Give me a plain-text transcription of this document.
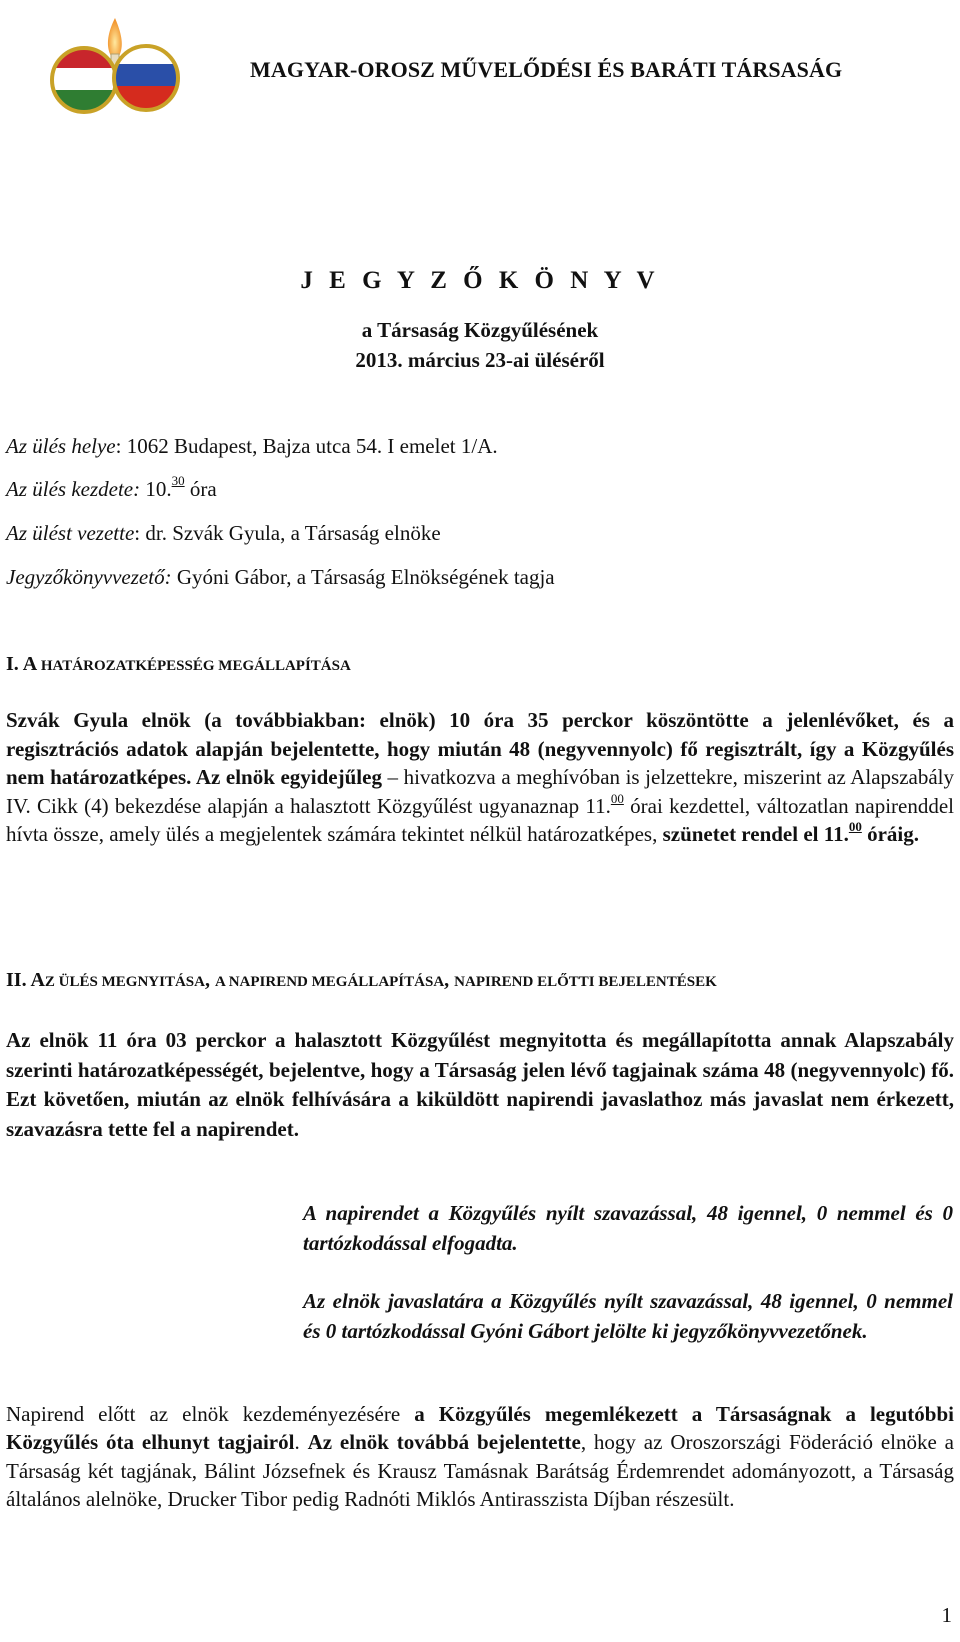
MAGYAR-OROSZ MŰVELŐDÉSI ÉS BARÁTI TÁRSASÁG
J E G Y Z Ő K Ö N Y V
a Társaság Közgyűlésének
2013. március 23-ai üléséről
Az ülés helye: 1062 Budapest, Bajza utca 54. I emelet 1/A.
Az ülés kezdete: 10.30 óra
Az ülést vezette: dr. Szvák Gyula, a Társaság elnöke
Jegyzőkönyvvezető: Gyóni Gábor, a Társaság Elnökségének tagja
I. A HATÁROZATKÉPESSÉG MEGÁLLAPÍTÁSA
Szvák Gyula elnök (a továbbiakban: elnök) 10 óra 35 perckor köszöntötte a jelenlévőket, és a regisztrációs adatok alapján bejelentette, hogy miután 48 (negyvennyolc) fő regisztrált, így a Közgyűlés nem határozatképes. Az elnök egyidejűleg – hivatkozva a meghívóban is jelzettekre, miszerint az Alapszabály IV. Cikk (4) bekezdése alapján a halasztott Közgyűlést ugyanaznap 11.00 órai kezdettel, változatlan napirenddel hívta össze, amely ülés a megjelentek számára tekintet nélkül határozatképes, szünetet rendel el 11.00 óráig.
II. AZ ÜLÉS MEGNYITÁSA, A NAPIREND MEGÁLLAPÍTÁSA, NAPIREND ELŐTTI BEJELENTÉSEK
Az elnök 11 óra 03 perckor a halasztott Közgyűlést megnyitotta és megállapította annak Alapszabály szerinti határozatképességét, bejelentve, hogy a Társaság jelen lévő tagjainak száma 48 (negyvennyolc) fő. Ezt követően, miután az elnök felhívására a kiküldött napirendi javaslathoz más javaslat nem érkezett, szavazásra tette fel a napirendet.
A napirendet a Közgyűlés nyílt szavazással, 48 igennel, 0 nemmel és 0 tartózkodással elfogadta.
Az elnök javaslatára a Közgyűlés nyílt szavazással, 48 igennel, 0 nemmel és 0 tartózkodással Gyóni Gábort jelölte ki jegyzőkönyvvezetőnek.
Napirend előtt az elnök kezdeményezésére a Közgyűlés megemlékezett a Társaságnak a legutóbbi Közgyűlés óta elhunyt tagjairól. Az elnök továbbá bejelentette, hogy az Oroszországi Föderáció elnöke a Társaság két tagjának, Bálint Józsefnek és Krausz Tamásnak Barátság Érdemrendet adományozott, a Társaság általános alelnöke, Drucker Tibor pedig Radnóti Miklós Antirasszista Díjban részesült.
1
